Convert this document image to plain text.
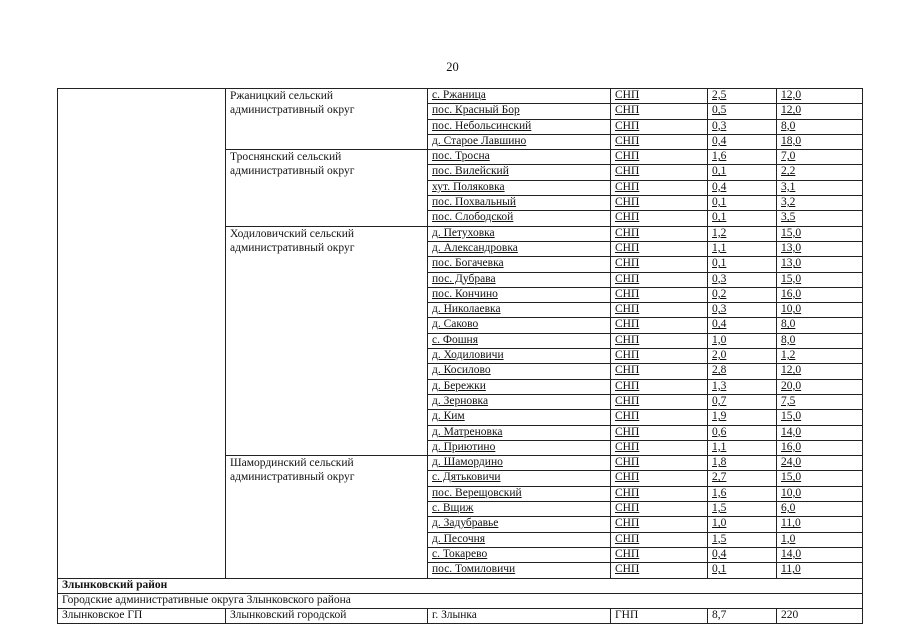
20
	Ржаницкий сельский административный округ	с. Ржаница	СНП	2,5	12,0
		пос. Красный Бор	СНП	0,5	12,0
		пос. Небольсинский	СНП	0,3	8,0
		д. Старое Лавшино	СНП	0,4	18,0
	Троснянский сельский административный округ	пос. Тросна	СНП	1,6	7,0
		пос. Вилейский	СНП	0,1	2,2
		хут. Поляковка	СНП	0,4	3,1
		пос. Похвальный	СНП	0,1	3,2
		пос. Слободской	СНП	0,1	3,5
	Ходиловичский сельский административный округ	д. Петуховка	СНП	1,2	15,0
		д. Александровка	СНП	1,1	13,0
		пос. Богачевка	СНП	0,1	13,0
		пос. Дубрава	СНП	0,3	15,0
		пос. Кончино	СНП	0,2	16,0
		д. Николаевка	СНП	0,3	10,0
		д. Саково	СНП	0,4	8,0
		с. Фошня	СНП	1,0	8,0
		д. Ходиловичи	СНП	2,0	1,2
		д. Косилово	СНП	2,8	12,0
		д. Бережки	СНП	1,3	20,0
		д. Зерновка	СНП	0,7	7,5
		д. Ким	СНП	1,9	15,0
		д. Матреновка	СНП	0,6	14,0
		д. Приютино	СНП	1,1	16,0
	Шамординский сельский административный округ	д. Шамордино	СНП	1,8	24,0
		с. Дятьковичи	СНП	2,7	15,0
		пос. Верещовский	СНП	1,6	10,0
		с. Вщиж	СНП	1,5	6,0
		д. Задубравье	СНП	1,0	11,0
		д. Песочня	СНП	1,5	1,0
		с. Токарево	СНП	0,4	14,0
		пос. Томиловичи	СНП	0,1	11,0
Злынковский район					
Городские административные округа Злынковского района					
Злынковское ГП	Злынковский городской	г. Злынка	ГНП	8,7	220
